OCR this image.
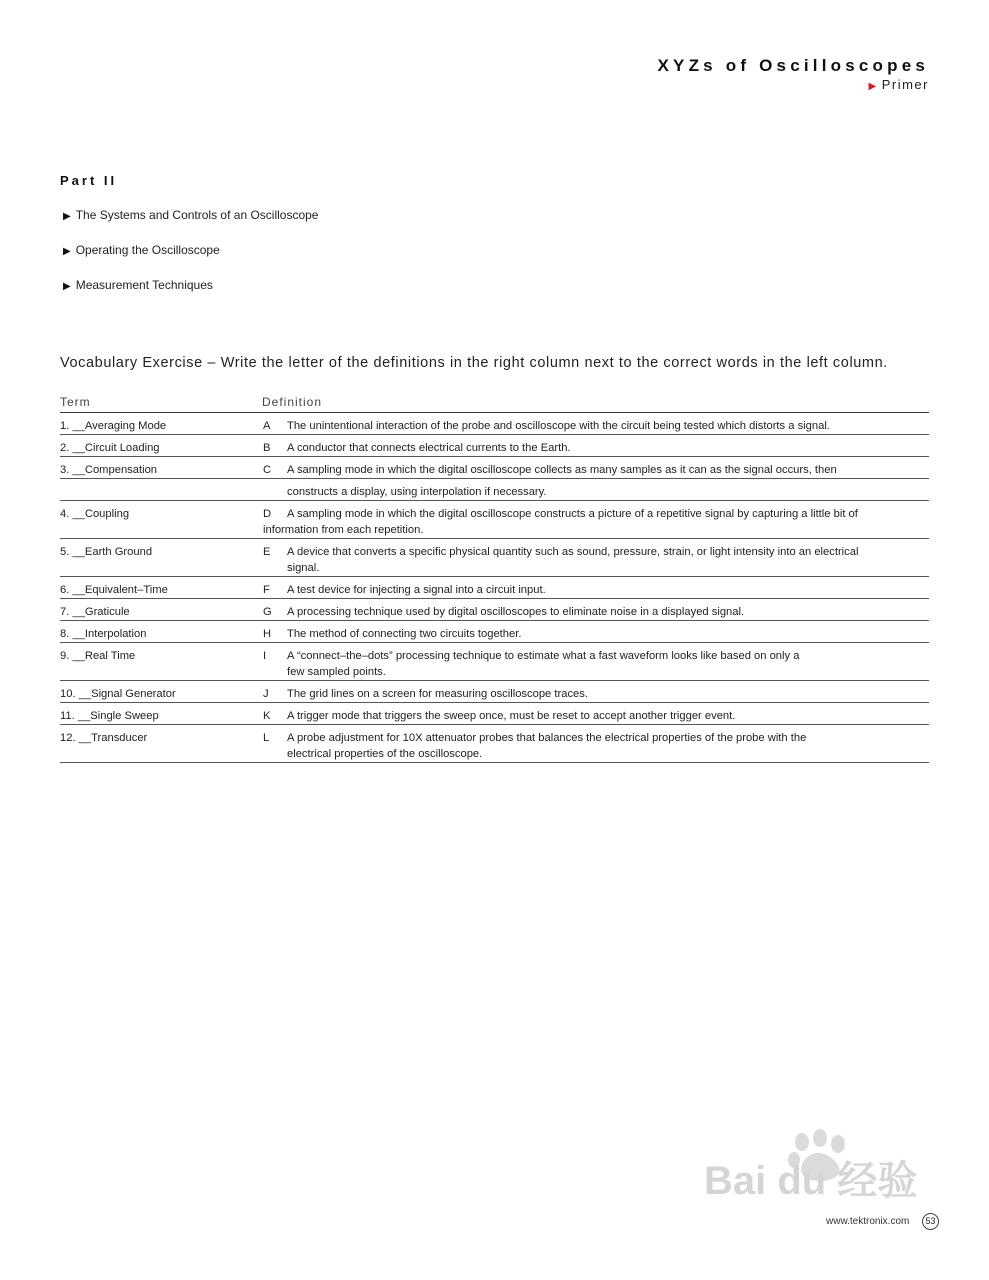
XYZs of Oscilloscopes
▶ Primer
Part II
▶ The Systems and Controls of an Oscilloscope
▶ Operating the Oscilloscope
▶ Measurement Techniques
Vocabulary Exercise – Write the letter of the definitions in the right column next to the correct words in the left column.
Term	Definition
1. __Averaging Mode	A The unintentional interaction of the probe and oscilloscope with the circuit being tested which distorts a signal.
2. __Circuit Loading	B A conductor that connects electrical currents to the Earth.
3. __Compensation	C A sampling mode in which the digital oscilloscope collects as many samples as it can as the signal occurs, then
constructs a display, using interpolation if necessary.
4. __Coupling	D	A sampling mode in which the digital oscilloscope constructs a picture of a repetitive signal by capturing a little bit of information from each repetition.
5. __Earth Ground	E A device that converts a specific physical quantity such as sound, pressure, strain, or light intensity into an electrical signal.
6. __Equivalent–Time	F A test device for injecting a signal into a circuit input.
7. __Graticule	G A processing technique used by digital oscilloscopes to eliminate noise in a displayed signal.
8. __Interpolation	H The method of connecting two circuits together.
9. __Real Time	I A “connect–the–dots” processing technique to estimate what a fast waveform looks like based on only a few sampled points.
10. __Signal Generator	J The grid lines on a screen for measuring oscilloscope traces.
11. __Single Sweep	K A trigger mode that triggers the sweep once, must be reset to accept another trigger event.
12. __Transducer	L A probe adjustment for 10X attenuator probes that balances the electrical properties of the probe with the electrical properties of the oscilloscope.
Bai du 经验
www.tektronix.com	53
